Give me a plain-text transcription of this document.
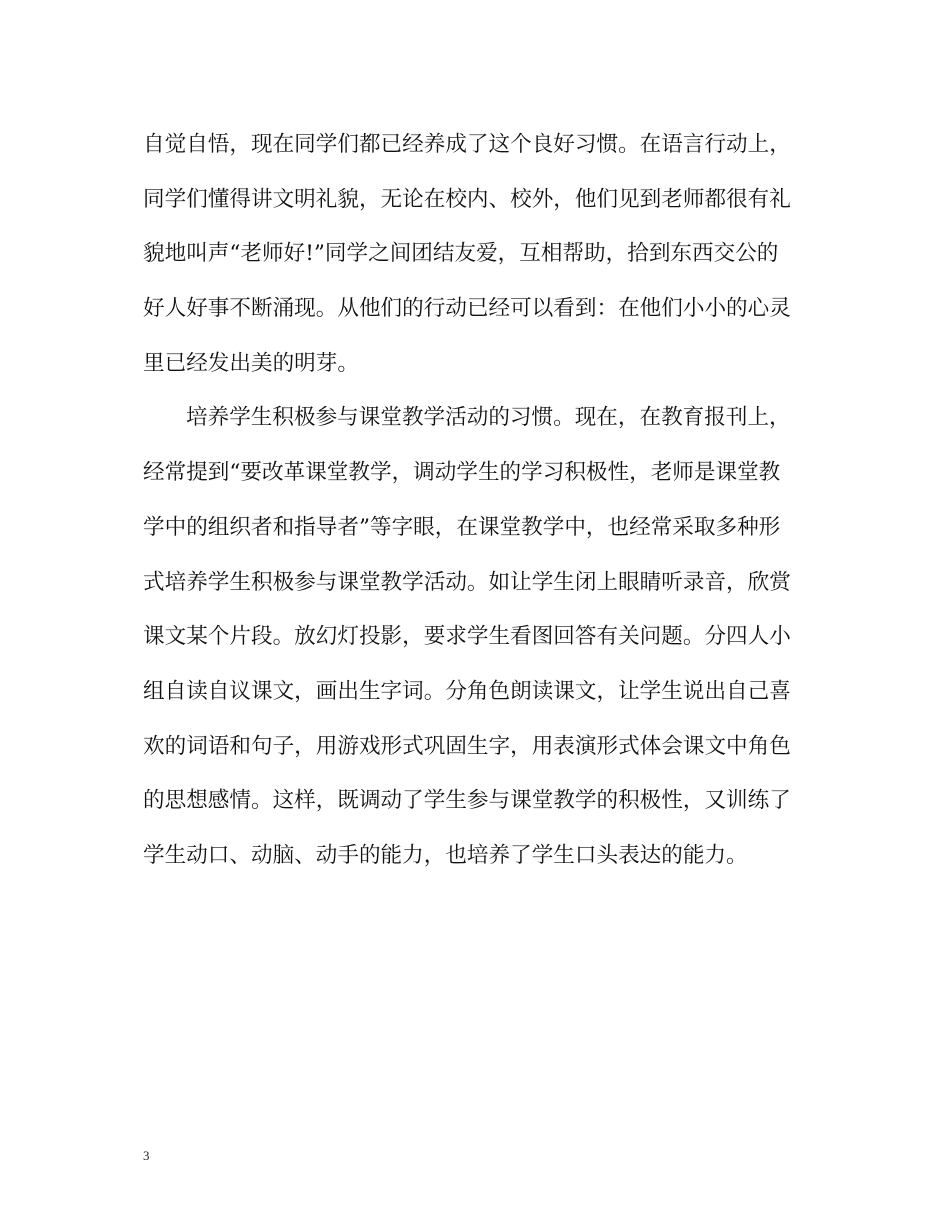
自觉自悟，现在同学们都已经养成了这个良好习惯。在语言行动上，
同学们懂得讲文明礼貌，无论在校内、校外，他们见到老师都很有礼
貌地叫声“老师好!”同学之间团结友爱，互相帮助，拾到东西交公的
好人好事不断涌现。从他们的行动已经可以看到：在他们小小的心灵
里已经发出美的明芽。
培养学生积极参与课堂教学活动的习惯。现在，在教育报刊上，
经常提到“要改革课堂教学，调动学生的学习积极性，老师是课堂教
学中的组织者和指导者”等字眼，在课堂教学中，也经常采取多种形
式培养学生积极参与课堂教学活动。如让学生闭上眼睛听录音，欣赏
课文某个片段。放幻灯投影，要求学生看图回答有关问题。分四人小
组自读自议课文，画出生字词。分角色朗读课文，让学生说出自己喜
欢的词语和句子，用游戏形式巩固生字，用表演形式体会课文中角色
的思想感情。这样，既调动了学生参与课堂教学的积极性，又训练了
学生动口、动脑、动手的能力，也培养了学生口头表达的能力。
3
